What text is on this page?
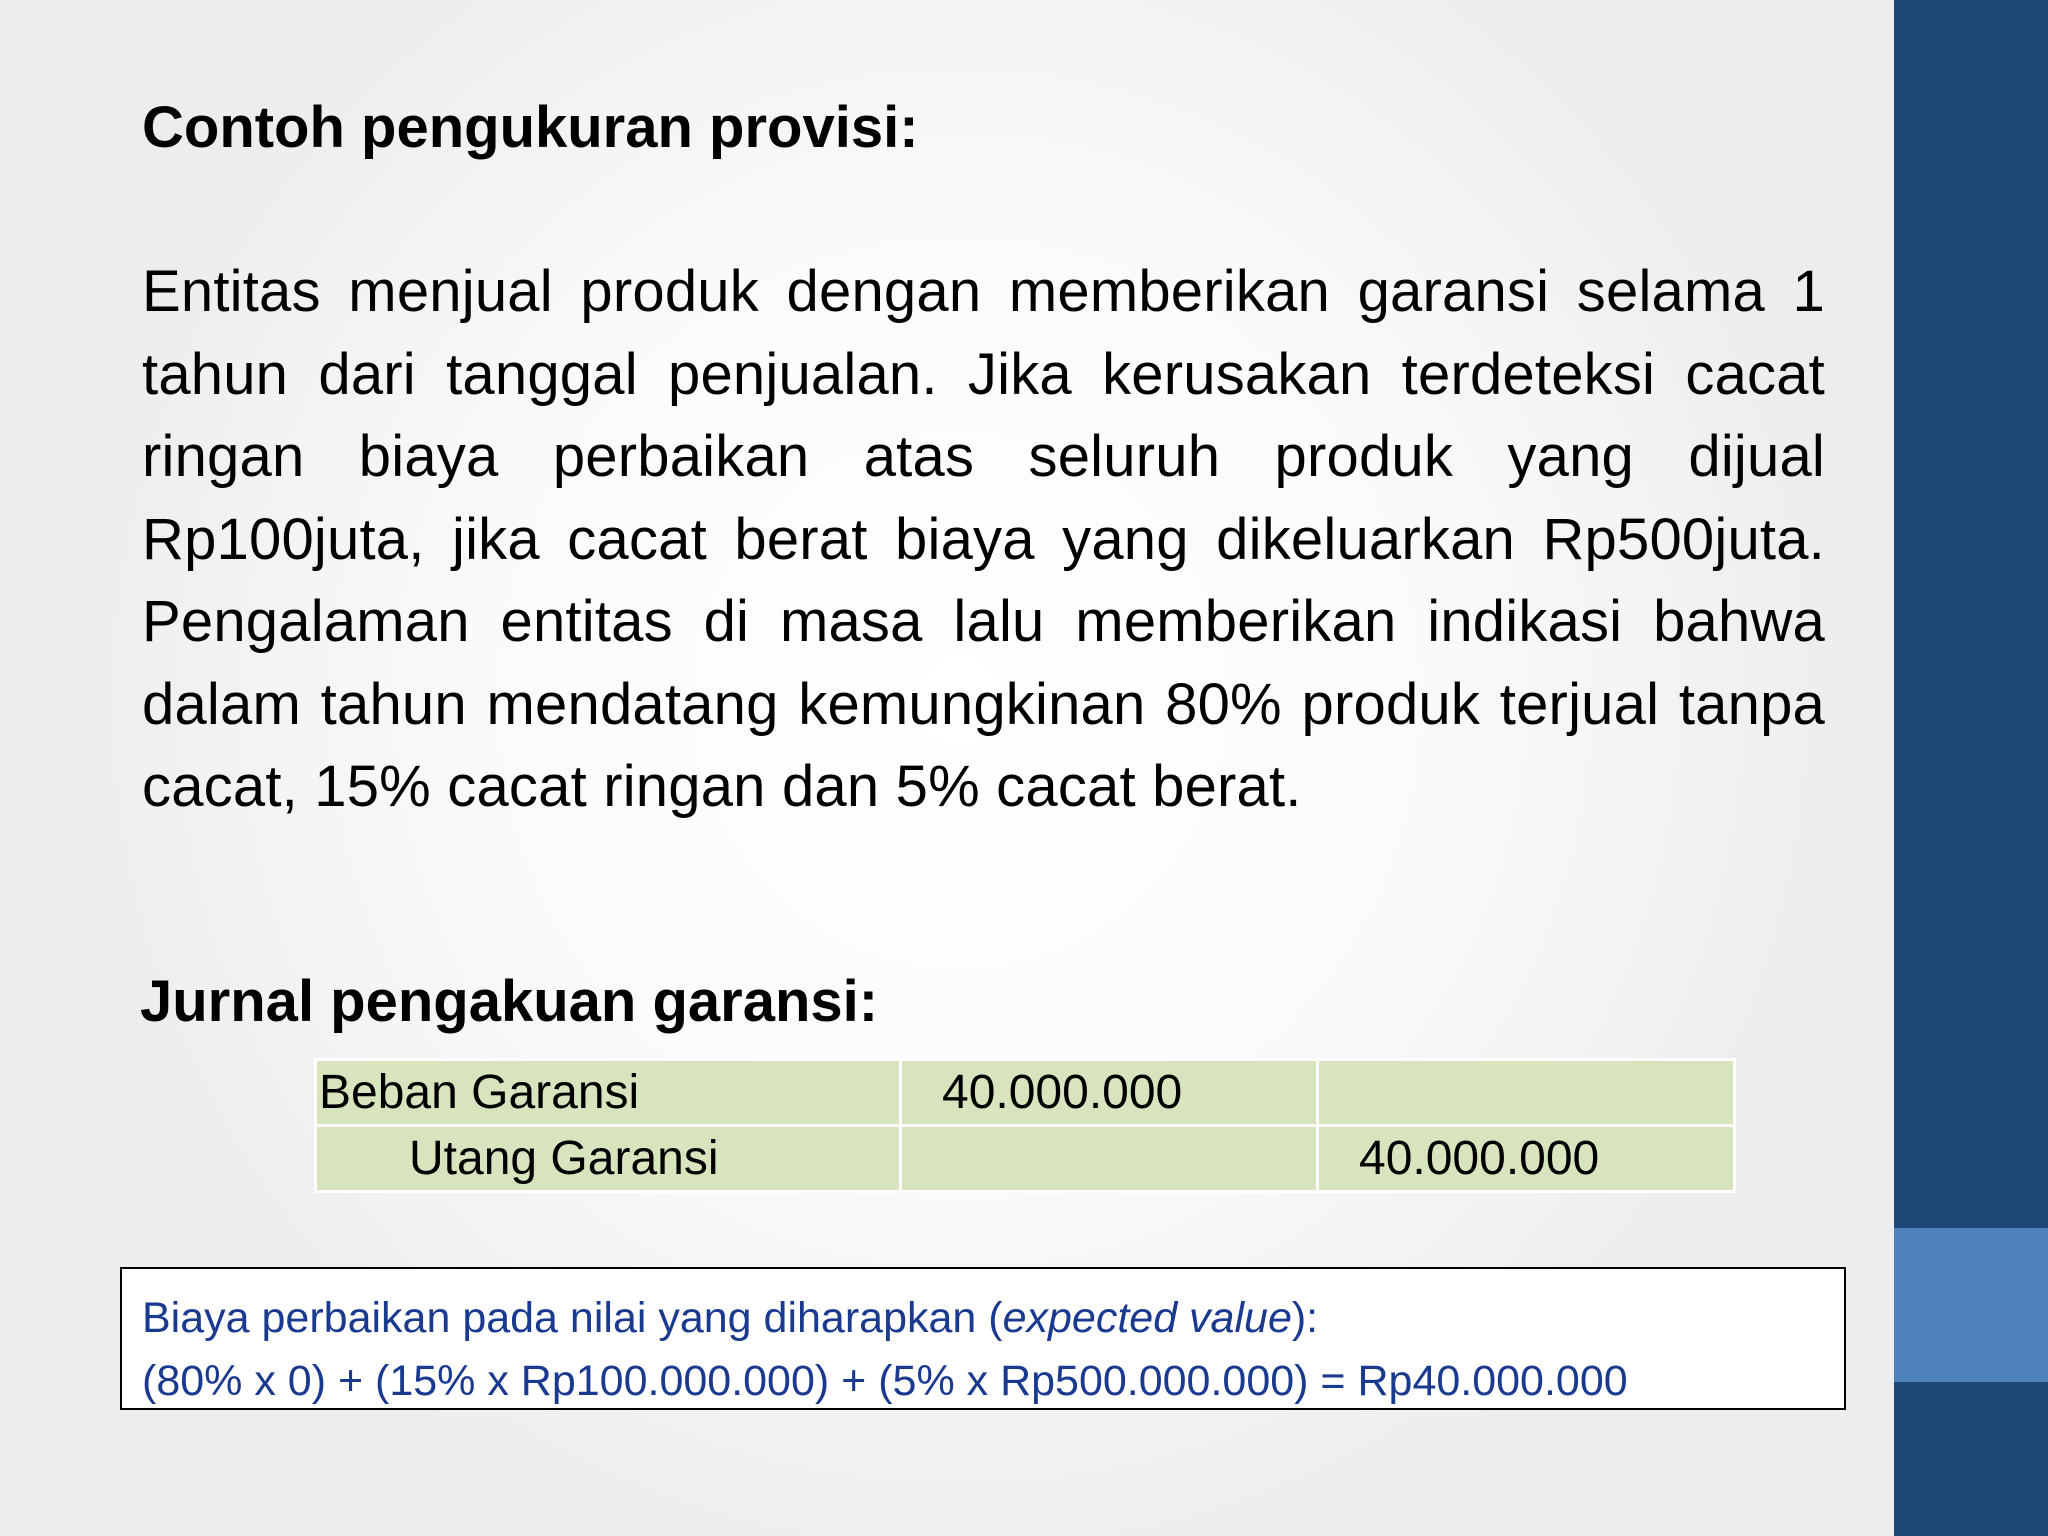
Contoh pengukuran provisi:

Entitas menjual produk dengan memberikan garansi selama 1 tahun dari tanggal penjualan. Jika kerusakan terdeteksi cacat ringan biaya perbaikan atas seluruh produk yang dijual Rp100juta, jika cacat berat biaya yang dikeluarkan Rp500juta. Pengalaman entitas di masa lalu memberikan indikasi bahwa dalam tahun mendatang kemungkinan 80% produk terjual tanpa cacat, 15% cacat ringan dan 5% cacat berat.

Jurnal pengakuan garansi:
Beban Garansi	40.000.000	
Utang Garansi		40.000.000
Biaya perbaikan pada nilai yang diharapkan (expected value):
(80% x 0) + (15% x Rp100.000.000) + (5% x Rp500.000.000) = Rp40.000.000
